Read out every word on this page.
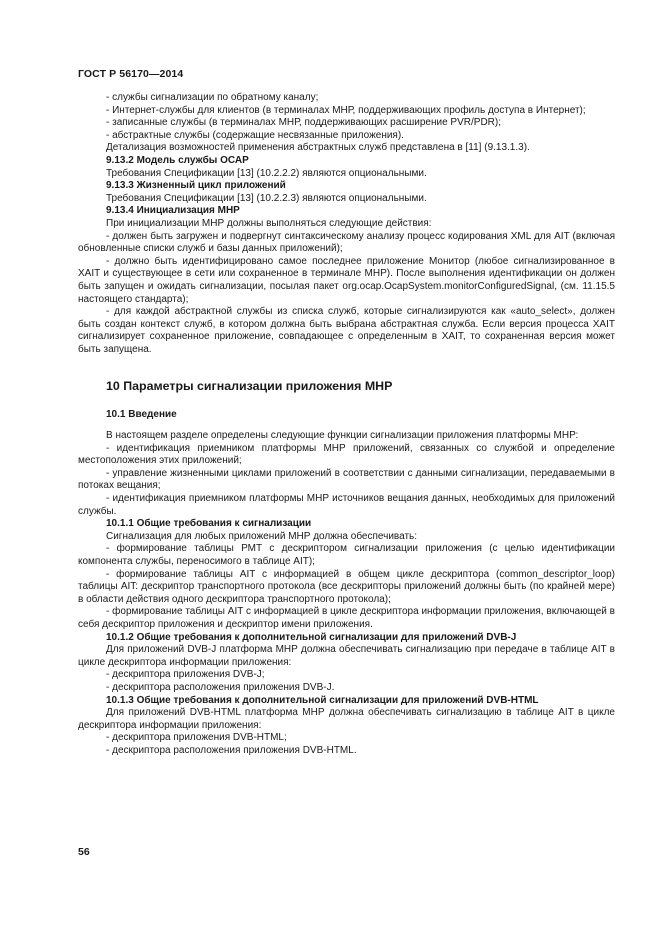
ГОСТ Р 56170—2014

- службы сигнализации по обратному каналу;

- Интернет-службы для клиентов (в терминалах МНР, поддерживающих профиль доступа в Интернет);

- записанные службы (в терминалах МНР, поддерживающих расширение PVR/PDR);

- абстрактные службы (содержащие несвязанные приложения).

Детализация возможностей применения абстрактных служб представлена в [11] (9.13.1.3).

9.13.2 Модель службы ОСАР

Требования Спецификации [13] (10.2.2.2) являются опциональными.

9.13.3 Жизненный цикл приложений

Требования Спецификации [13] (10.2.2.3) являются опциональными.

9.13.4 Инициализация МНР

При инициализации МНР должны выполняться следующие действия:

- должен быть загружен и подвергнут синтаксическому анализу процесс кодирования XML для AIT (включая обновленные списки служб и базы данных приложений);

- должно быть идентифицировано самое последнее приложение Монитор (любое сигнализированное в XAIT и существующее в сети или сохраненное в терминале МНР). После выполнения идентификации он должен быть запущен и ожидать сигнализации, посылая пакет org.ocap.OcapSystem.monitorConfiguredSignal, (см. 11.15.5 настоящего стандарта);

- для каждой абстрактной службы из списка служб, которые сигнализируются как «auto_select», должен быть создан контекст служб, в котором должна быть выбрана абстрактная служба. Если версия процесса XAIT сигнализирует сохраненное приложение, совпадающее с определенным в XAIT, то сохраненная версия может быть запущена.

10 Параметры сигнализации приложения МНР

10.1 Введение

В настоящем разделе определены следующие функции сигнализации приложения платформы МНР:

- идентификация приемником платформы МНР приложений, связанных со службой и определение местоположения этих приложений;

- управление жизненными циклами приложений в соответствии с данными сигнализации, передаваемыми в потоках вещания;

- идентификация приемником платформы МНР источников вещания данных, необходимых для приложений службы.

10.1.1 Общие требования к сигнализации

Сигнализация для любых приложений МНР должна обеспечивать:

- формирование таблицы РМТ с дескриптором сигнализации приложения (с целью идентификации компонента службы, переносимого в таблице AIT);

- формирование таблицы AIT с информацией в общем цикле дескриптора (common_descriptor_loop) таблицы AIT: дескриптор транспортного протокола (все дескрипторы приложений должны быть (по крайней мере) в области действия одного дескриптора транспортного протокола);

- формирование таблицы AIT с информацией в цикле дескриптора информации приложения, включающей в себя дескриптор приложения и дескриптор имени приложения.

10.1.2 Общие требования к дополнительной сигнализации для приложений DVB-J

Для приложений DVB-J платформа МНР должна обеспечивать сигнализацию при передаче в таблице AIT в цикле дескриптора информации приложения:

- дескриптора приложения DVB-J;

- дескриптора расположения приложения DVB-J.

10.1.3 Общие требования к дополнительной сигнализации для приложений DVB-HTML

Для приложений DVB-HTML платформа МНР должна обеспечивать сигнализацию в таблице AIT в цикле дескриптора информации приложения:

- дескриптора приложения DVB-HTML;

- дескриптора расположения приложения DVB-HTML.

56
